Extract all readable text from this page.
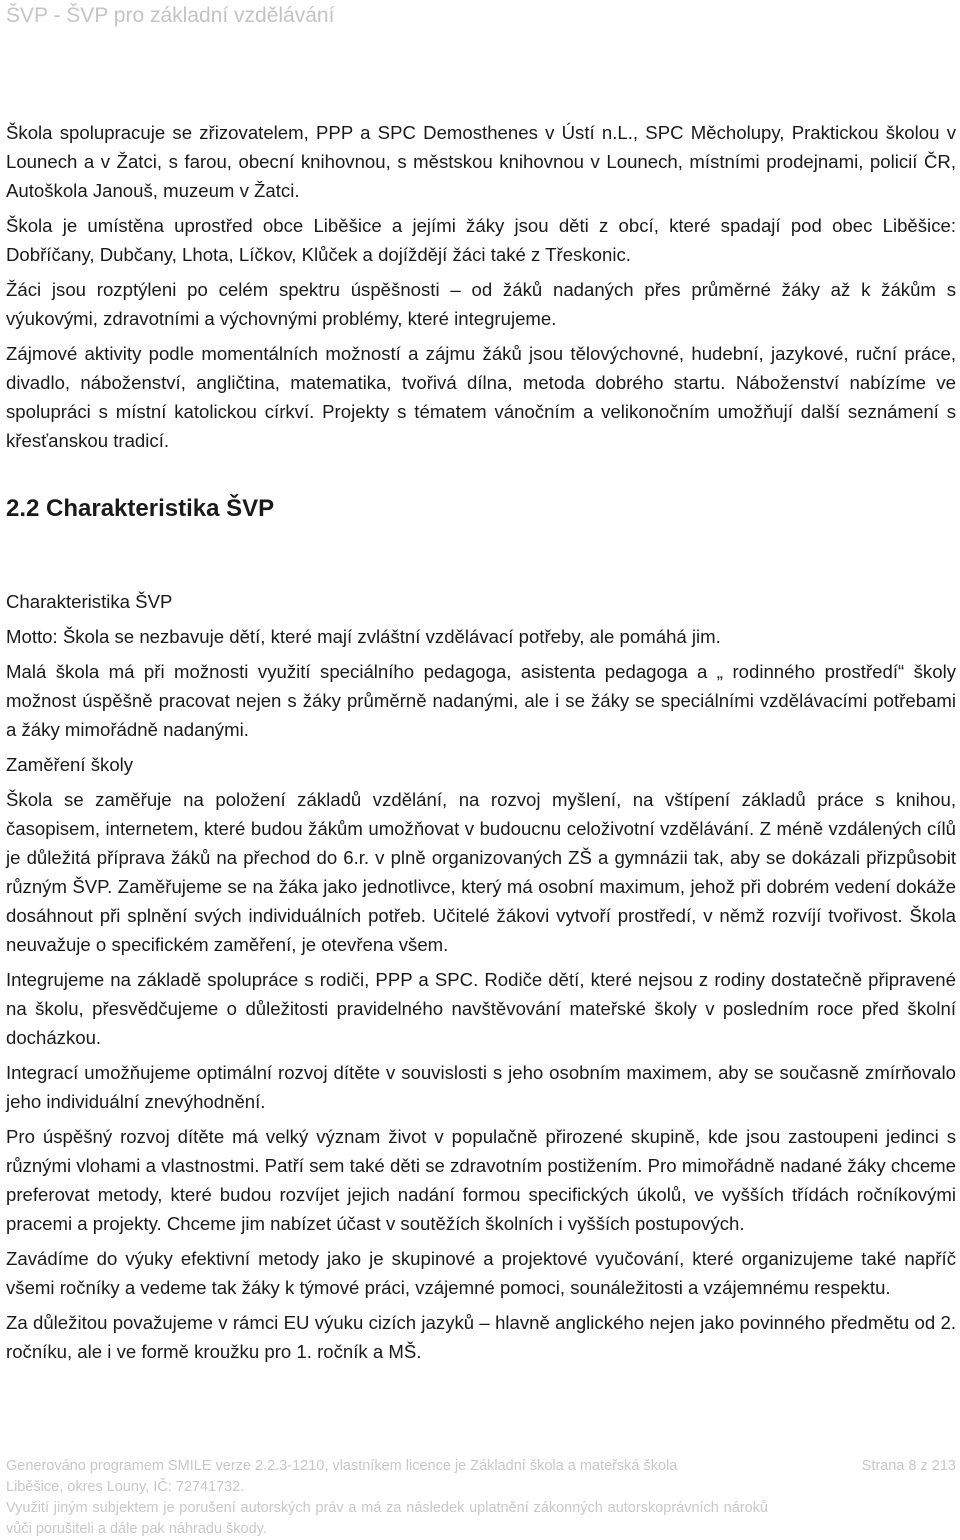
ŠVP - ŠVP pro základní vzdělávání

Škola spolupracuje se zřizovatelem, PPP a SPC Demosthenes v Ústí n.L., SPC Měcholupy, Praktickou školou v Lounech a v Žatci, s farou, obecní knihovnou, s městskou knihovnou v Lounech, místními prodejnami, policií ČR, Autoškola Janouš, muzeum v Žatci.

Škola je umístěna uprostřed obce Liběšice a jejími žáky jsou děti z obcí, které spadají pod obec Liběšice: Dobříčany, Dubčany, Lhota, Líčkov, Klůček a dojíždějí žáci také z Třeskonic.

Žáci jsou rozptýleni po celém spektru úspěšnosti – od žáků nadaných přes průměrné žáky až k žákům s výukovými, zdravotními a výchovnými problémy, které integrujeme.

Zájmové aktivity podle momentálních možností a zájmu žáků jsou tělovýchovné, hudební, jazykové, ruční práce, divadlo, náboženství, angličtina, matematika, tvořivá dílna, metoda dobrého startu. Náboženství nabízíme ve spolupráci s místní katolickou církví. Projekty s tématem vánočním a velikonočním umožňují další seznámení s křesťanskou tradicí.

2.2 Charakteristika ŠVP
Charakteristika ŠVP

Motto: Škola se nezbavuje dětí, které mají zvláštní vzdělávací potřeby, ale pomáhá jim.

Malá škola má při možnosti využití speciálního pedagoga, asistenta pedagoga a „ rodinného prostředí“ školy možnost úspěšně pracovat nejen s žáky průměrně nadanými, ale i se žáky se speciálními vzdělávacími potřebami a žáky mimořádně nadanými.

Zaměření školy

Škola se zaměřuje na položení základů vzdělání, na rozvoj myšlení, na vštípení základů práce s knihou, časopisem, internetem, které budou žákům umožňovat v budoucnu celoživotní vzdělávání. Z méně vzdálených cílů je důležitá příprava žáků na přechod do 6.r. v plně organizovaných ZŠ a gymnázii tak, aby se dokázali přizpůsobit různým ŠVP. Zaměřujeme se na žáka jako jednotlivce, který má osobní maximum, jehož při dobrém vedení dokáže dosáhnout při splnění svých individuálních potřeb. Učitelé žákovi vytvoří prostředí, v němž rozvíjí tvořivost. Škola neuvažuje o specifickém zaměření, je otevřena všem.

Integrujeme na základě spolupráce s rodiči, PPP a SPC. Rodiče dětí, které nejsou z rodiny dostatečně připravené na školu, přesvědčujeme o důležitosti pravidelného navštěvování mateřské školy v posledním roce před školní docházkou.

Integrací umožňujeme optimální rozvoj dítěte v souvislosti s jeho osobním maximem, aby se současně zmírňovalo jeho individuální znevýhodnění.

Pro úspěšný rozvoj dítěte má velký význam život v populačně přirozené skupině, kde jsou zastoupeni jedinci s různými vlohami a vlastnostmi. Patří sem také děti se zdravotním postižením. Pro mimořádně nadané žáky chceme preferovat metody, které budou rozvíjet jejich nadání formou specifických úkolů, ve vyšších třídách ročníkovými pracemi a projekty. Chceme jim nabízet účast v soutěžích školních i vyšších postupových.

Zavádíme do výuky efektivní metody jako je skupinové a projektové vyučování, které organizujeme také napříč všemi ročníky a vedeme tak žáky k týmové práci, vzájemné pomoci, sounáležitosti a vzájemnému respektu.

Za důležitou považujeme v rámci EU výuku cizích jazyků – hlavně anglického nejen jako povinného předmětu od 2. ročníku, ale i ve formě kroužku pro 1. ročník a MŠ.

Generováno programem SMILE verze 2.2.3-1210, vlastníkem licence je Základní škola a mateřská škola	Strana 8 z 213
Liběšice, okres Louny, IČ: 72741732.
Využití jiným subjektem je porušení autorských práv a má za následek uplatnění zákonných autorskoprávních nároků vůči porušiteli a dále pak náhradu škody.
